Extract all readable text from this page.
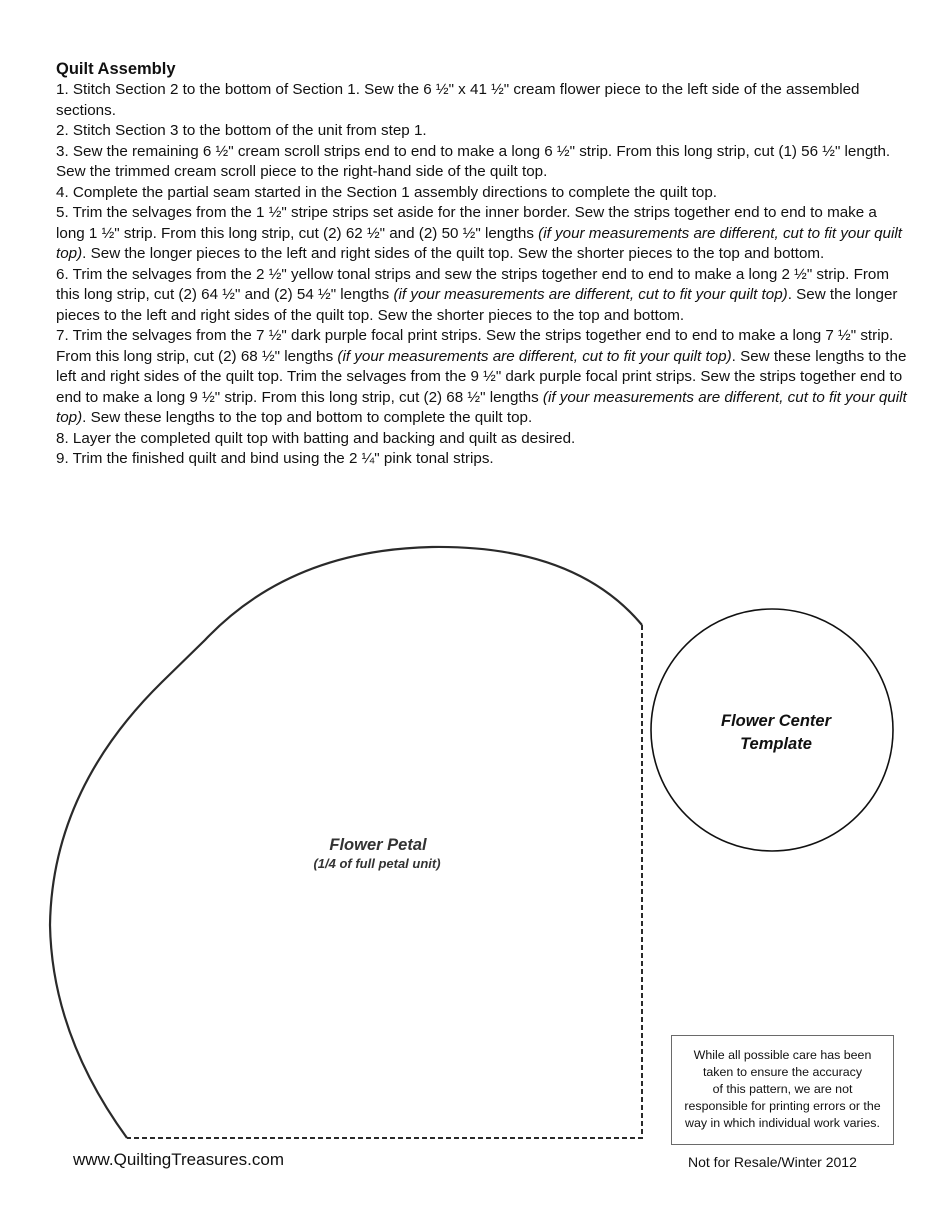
Quilt Assembly

1. Stitch Section 2 to the bottom of Section 1. Sew the 6 ½" x 41 ½" cream flower piece to the left side of the assembled sections.

2. Stitch Section 3 to the bottom of the unit from step 1.

3. Sew the remaining 6 ½" cream scroll strips end to end to make a long 6 ½" strip. From this long strip, cut (1) 56 ½" length. Sew the trimmed cream scroll piece to the right-hand side of the quilt top.

4. Complete the partial seam started in the Section 1 assembly directions to complete the quilt top.

5. Trim the selvages from the 1 ½" stripe strips set aside for the inner border. Sew the strips together end to end to make a long 1 ½" strip. From this long strip, cut (2) 62 ½" and (2) 50 ½" lengths (if your measurements are different, cut to fit your quilt top). Sew the longer pieces to the left and right sides of the quilt top. Sew the shorter pieces to the top and bottom.

6. Trim the selvages from the 2 ½" yellow tonal strips and sew the strips together end to end to make a long 2 ½" strip. From this long strip, cut (2) 64 ½" and (2) 54 ½" lengths (if your measurements are different, cut to fit your quilt top). Sew the longer pieces to the left and right sides of the quilt top. Sew the shorter pieces to the top and bottom.

7. Trim the selvages from the 7 ½" dark purple focal print strips. Sew the strips together end to end to make a long 7 ½" strip. From this long strip, cut (2) 68 ½" lengths (if your measurements are different, cut to fit your quilt top). Sew these lengths to the left and right sides of the quilt top. Trim the selvages from the 9 ½" dark purple focal print strips. Sew the strips together end to end to make a long 9 ½" strip. From this long strip, cut (2) 68 ½" lengths (if your measurements are different, cut to fit your quilt top). Sew these lengths to the top and bottom to complete the quilt top.

8. Layer the completed quilt top with batting and backing and quilt as desired.

9. Trim the finished quilt and bind using the 2 ¼" pink tonal strips.

Flower Petal
(1/4 of full petal unit)
Flower Center
Template
While all possible care has been
taken to ensure the accuracy
of this pattern, we are not
responsible for printing errors or the
way in which individual work varies.
www.QuiltingTreasures.com	Not for Resale/Winter 2012
